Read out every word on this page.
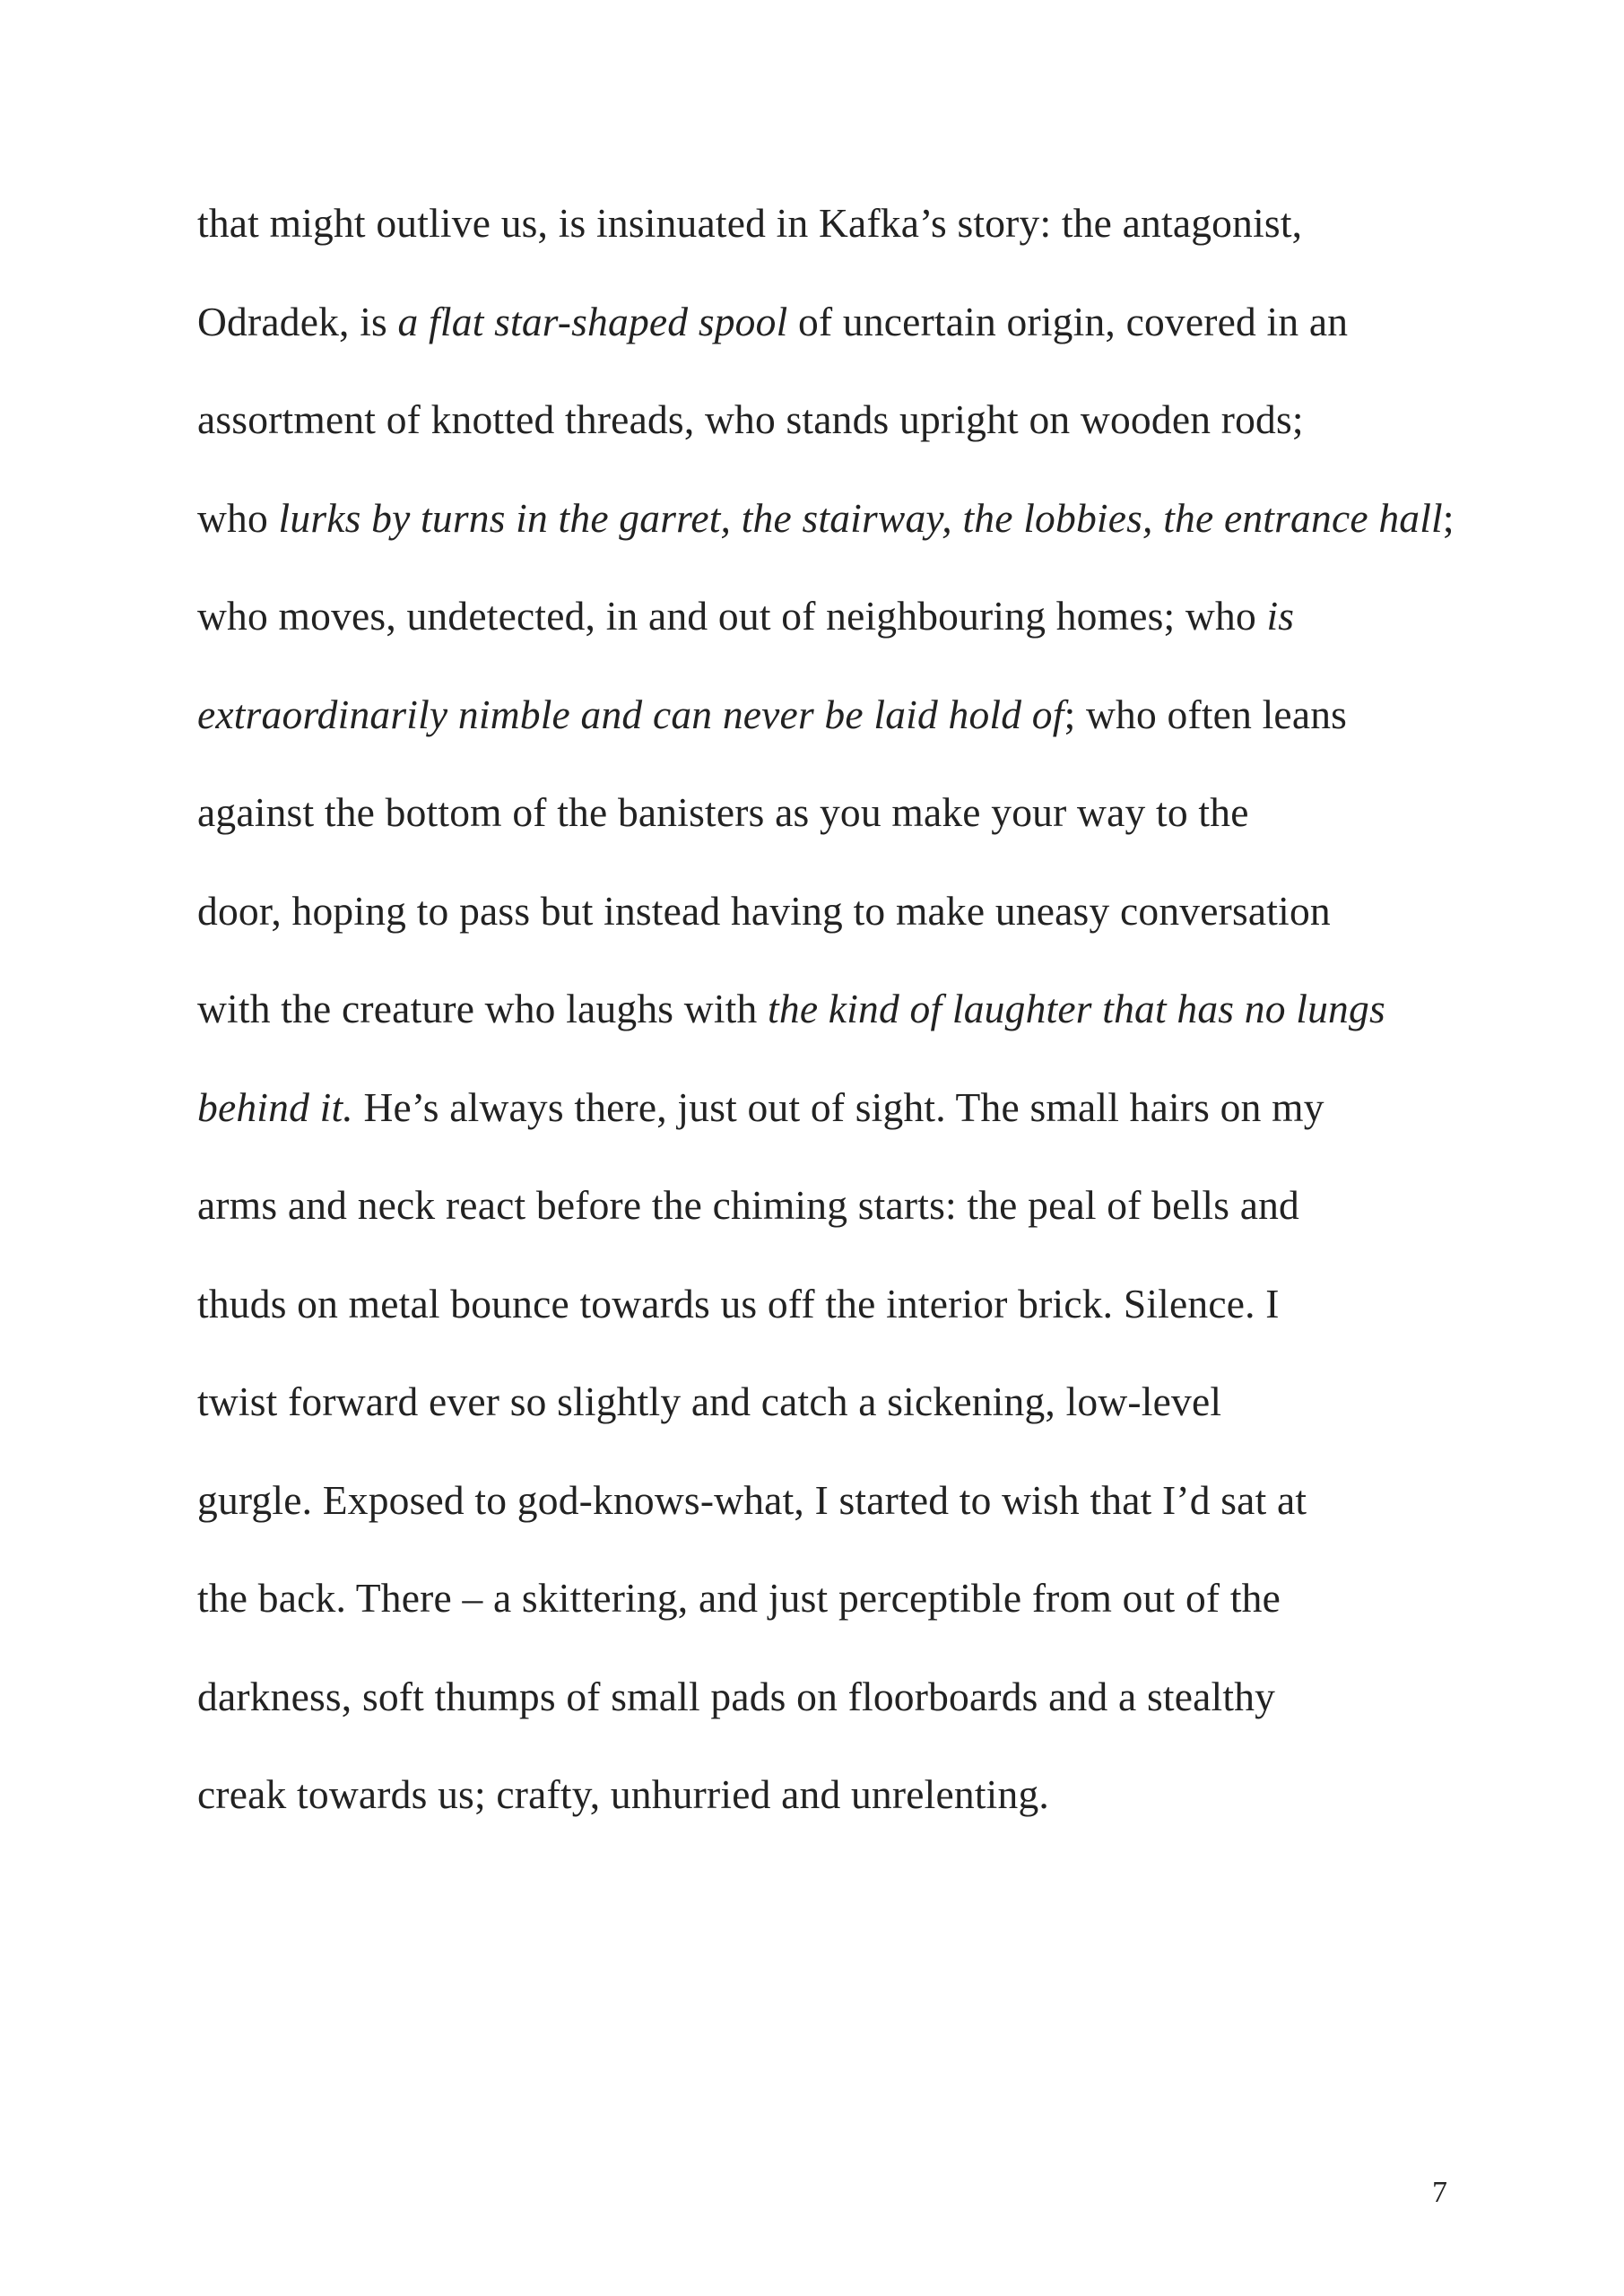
that might outlive us, is insinuated in Kafka’s story: the antagonist,
Odradek, is a flat star-shaped spool of uncertain origin, covered in an
assortment of knotted threads, who stands upright on wooden rods;
who lurks by turns in the garret, the stairway, the lobbies, the entrance hall;
who moves, undetected, in and out of neighbouring homes; who is
extraordinarily nimble and can never be laid hold of; who often leans
against the bottom of the banisters as you make your way to the
door, hoping to pass but instead having to make uneasy conversation
with the creature who laughs with the kind of laughter that has no lungs
behind it. He’s always there, just out of sight. The small hairs on my
arms and neck react before the chiming starts: the peal of bells and
thuds on metal bounce towards us off the interior brick. Silence. I
twist forward ever so slightly and catch a sickening, low-level
gurgle. Exposed to god-knows-what, I started to wish that I’d sat at
the back. There – a skittering, and just perceptible from out of the
darkness, soft thumps of small pads on floorboards and a stealthy
creak towards us; crafty, unhurried and unrelenting.
7
